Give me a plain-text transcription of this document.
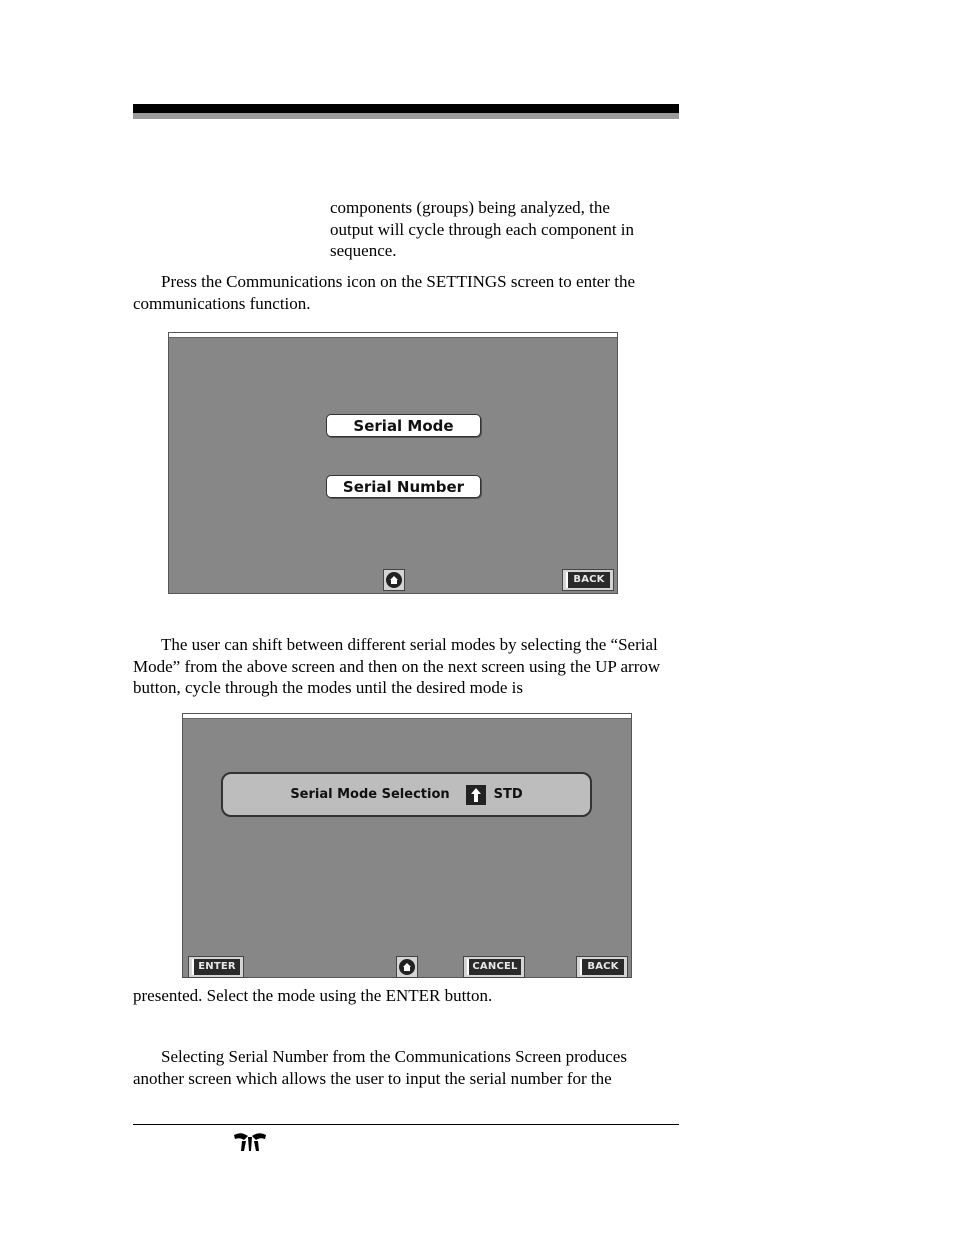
components (groups) being analyzed, the
output will cycle through each component in
sequence.
Press the Communications icon on the SETTINGS screen to enter the communications function.
Serial Mode
Serial Number
BACK
The user can shift between different serial modes by selecting the “Serial Mode” from the above screen and then on the next screen using the UP arrow button, cycle through the modes until the desired mode is
Serial Mode Selection	STD
ENTER	CANCEL	BACK
presented. Select the mode using the ENTER button.
Selecting Serial Number from the Communications Screen produces another screen which allows the user to input the serial number for the
